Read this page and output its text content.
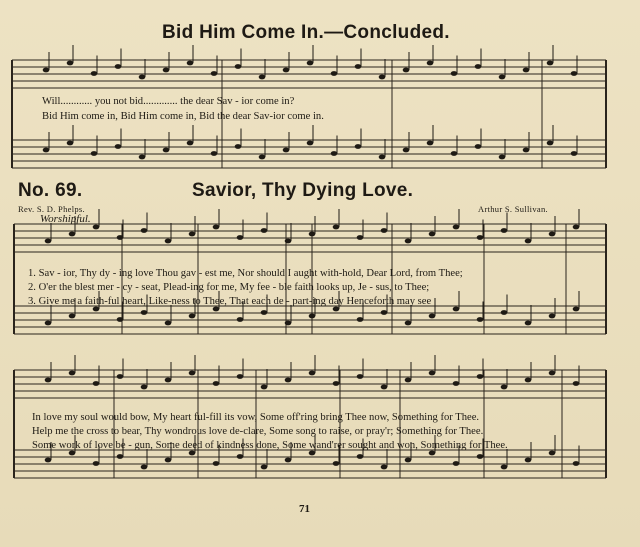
Bid Him Come In.—Concluded.
Will............ you not bid............. the dear Sav - ior come in?
Bid Him come in, Bid Him come in, Bid the dear Sav-ior come in.
No. 69.	Savior, Thy Dying Love.
Rev. S. D. Phelps.	Arthur S. Sullivan.
Worshipful.
1. Sav - ior, Thy dy - ing love Thou gav - est me, Nor should I aught with-hold, Dear Lord, from Thee;
2. O'er the blest mer - cy - seat, Plead-ing for me, My fee - ble faith looks up, Je - sus, to Thee;
3. Give me a faith-ful heart, Like-ness to Thee, That each de - part-ing day Henceforth may see
In love my soul would bow, My heart ful-fill its vow, Some off'ring bring Thee now, Something for Thee.
Help me the cross to bear, Thy wondrous love de-clare, Some song to raise, or pray'r; Something for Thee.
Some work of love be - gun, Some deed of kindness done, Some wand'rer sought and won, Something for Thee.
71
